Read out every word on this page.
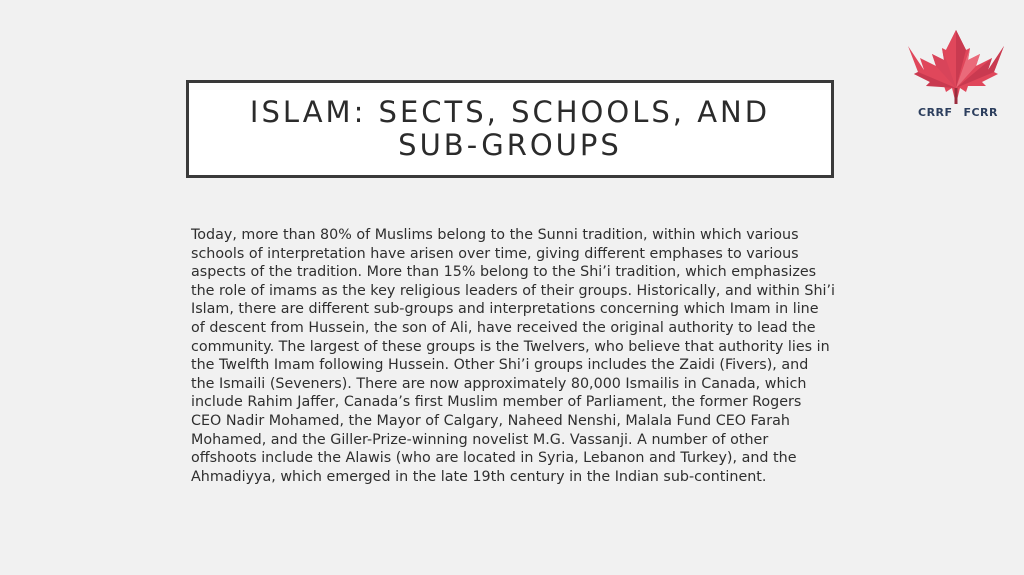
CRRF FCRR
ISLAM: SECTS, SCHOOLS, AND SUB-GROUPS

Today, more than 80% of Muslims belong to the Sunni tradition, within which various schools of interpretation have arisen over time, giving different emphases to various aspects of the tradition. More than 15% belong to the Shi’i tradition, which emphasizes the role of imams as the key religious leaders of their groups. Historically, and within Shi’i Islam, there are different sub-groups and interpretations concerning which Imam in line of descent from Hussein, the son of Ali, have received the original authority to lead the community. The largest of these groups is the Twelvers, who believe that authority lies in the Twelfth Imam following Hussein. Other Shi’i groups includes the Zaidi (Fivers), and the Ismaili (Seveners). There are now approximately 80,000 Ismailis in Canada, which include Rahim Jaffer, Canada’s first Muslim member of Parliament, the former Rogers CEO Nadir Mohamed, the Mayor of Calgary, Naheed Nenshi, Malala Fund CEO Farah Mohamed, and the Giller-Prize-winning novelist M.G. Vassanji. A number of other offshoots include the Alawis (who are located in Syria, Lebanon and Turkey), and the Ahmadiyya, which emerged in the late 19th century in the Indian sub-continent.
